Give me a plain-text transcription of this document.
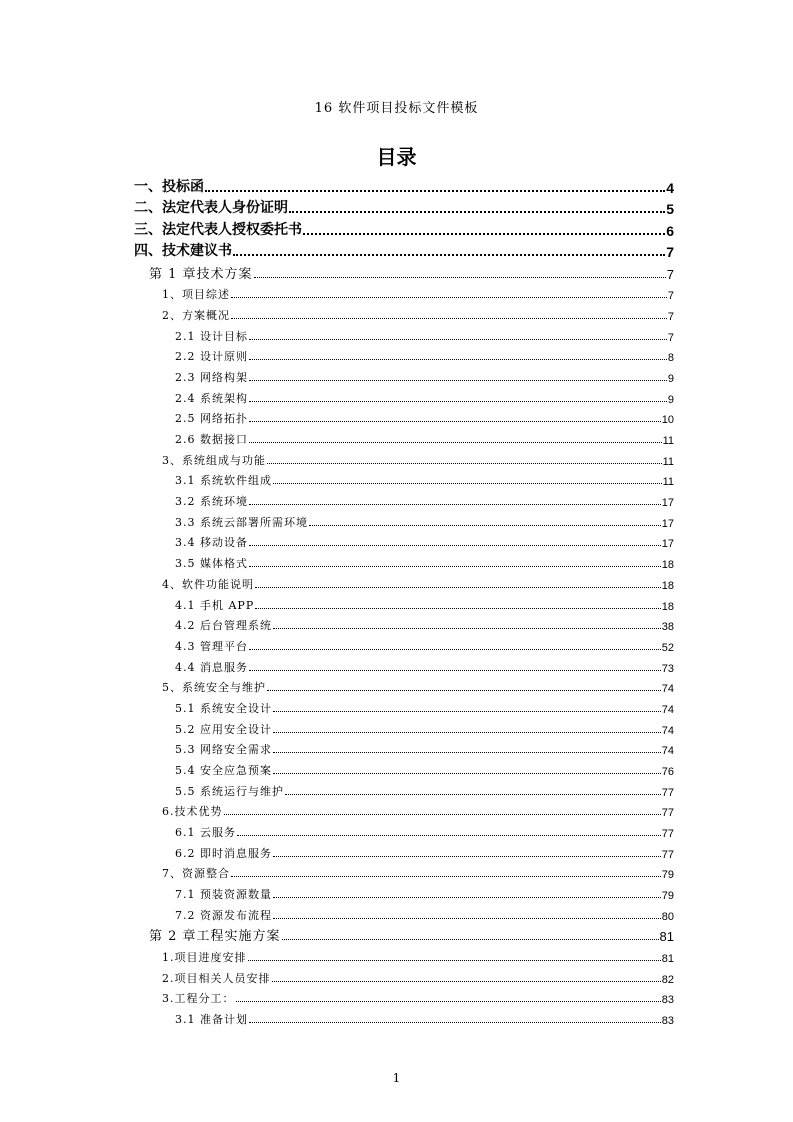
16 软件项目投标文件模板
目录
一、投标函	4
二、法定代表人身份证明	5
三、法定代表人授权委托书	6
四、技术建议书	7
第 1 章技术方案	7
1、项目综述	7
2、方案概况	7
2.1 设计目标	7
2.2 设计原则	8
2.3 网络构架	9
2.4 系统架构	9
2.5 网络拓扑	10
2.6 数据接口	11
3、系统组成与功能	11
3.1 系统软件组成	11
3.2 系统环境	17
3.3 系统云部署所需环境	17
3.4 移动设备	17
3.5 媒体格式	18
4、软件功能说明	18
4.1 手机 APP	18
4.2 后台管理系统	38
4.3 管理平台	52
4.4 消息服务	73
5、系统安全与维护	74
5.1 系统安全设计	74
5.2 应用安全设计	74
5.3 网络安全需求	74
5.4 安全应急预案	76
5.5 系统运行与维护	77
6.技术优势	77
6.1 云服务	77
6.2 即时消息服务	77
7、资源整合	79
7.1 预装资源数量	79
7.2 资源发布流程	80
第 2 章工程实施方案	81
1.项目进度安排	81
2.项目相关人员安排	82
3.工程分工：	83
3.1 准备计划	83
1
